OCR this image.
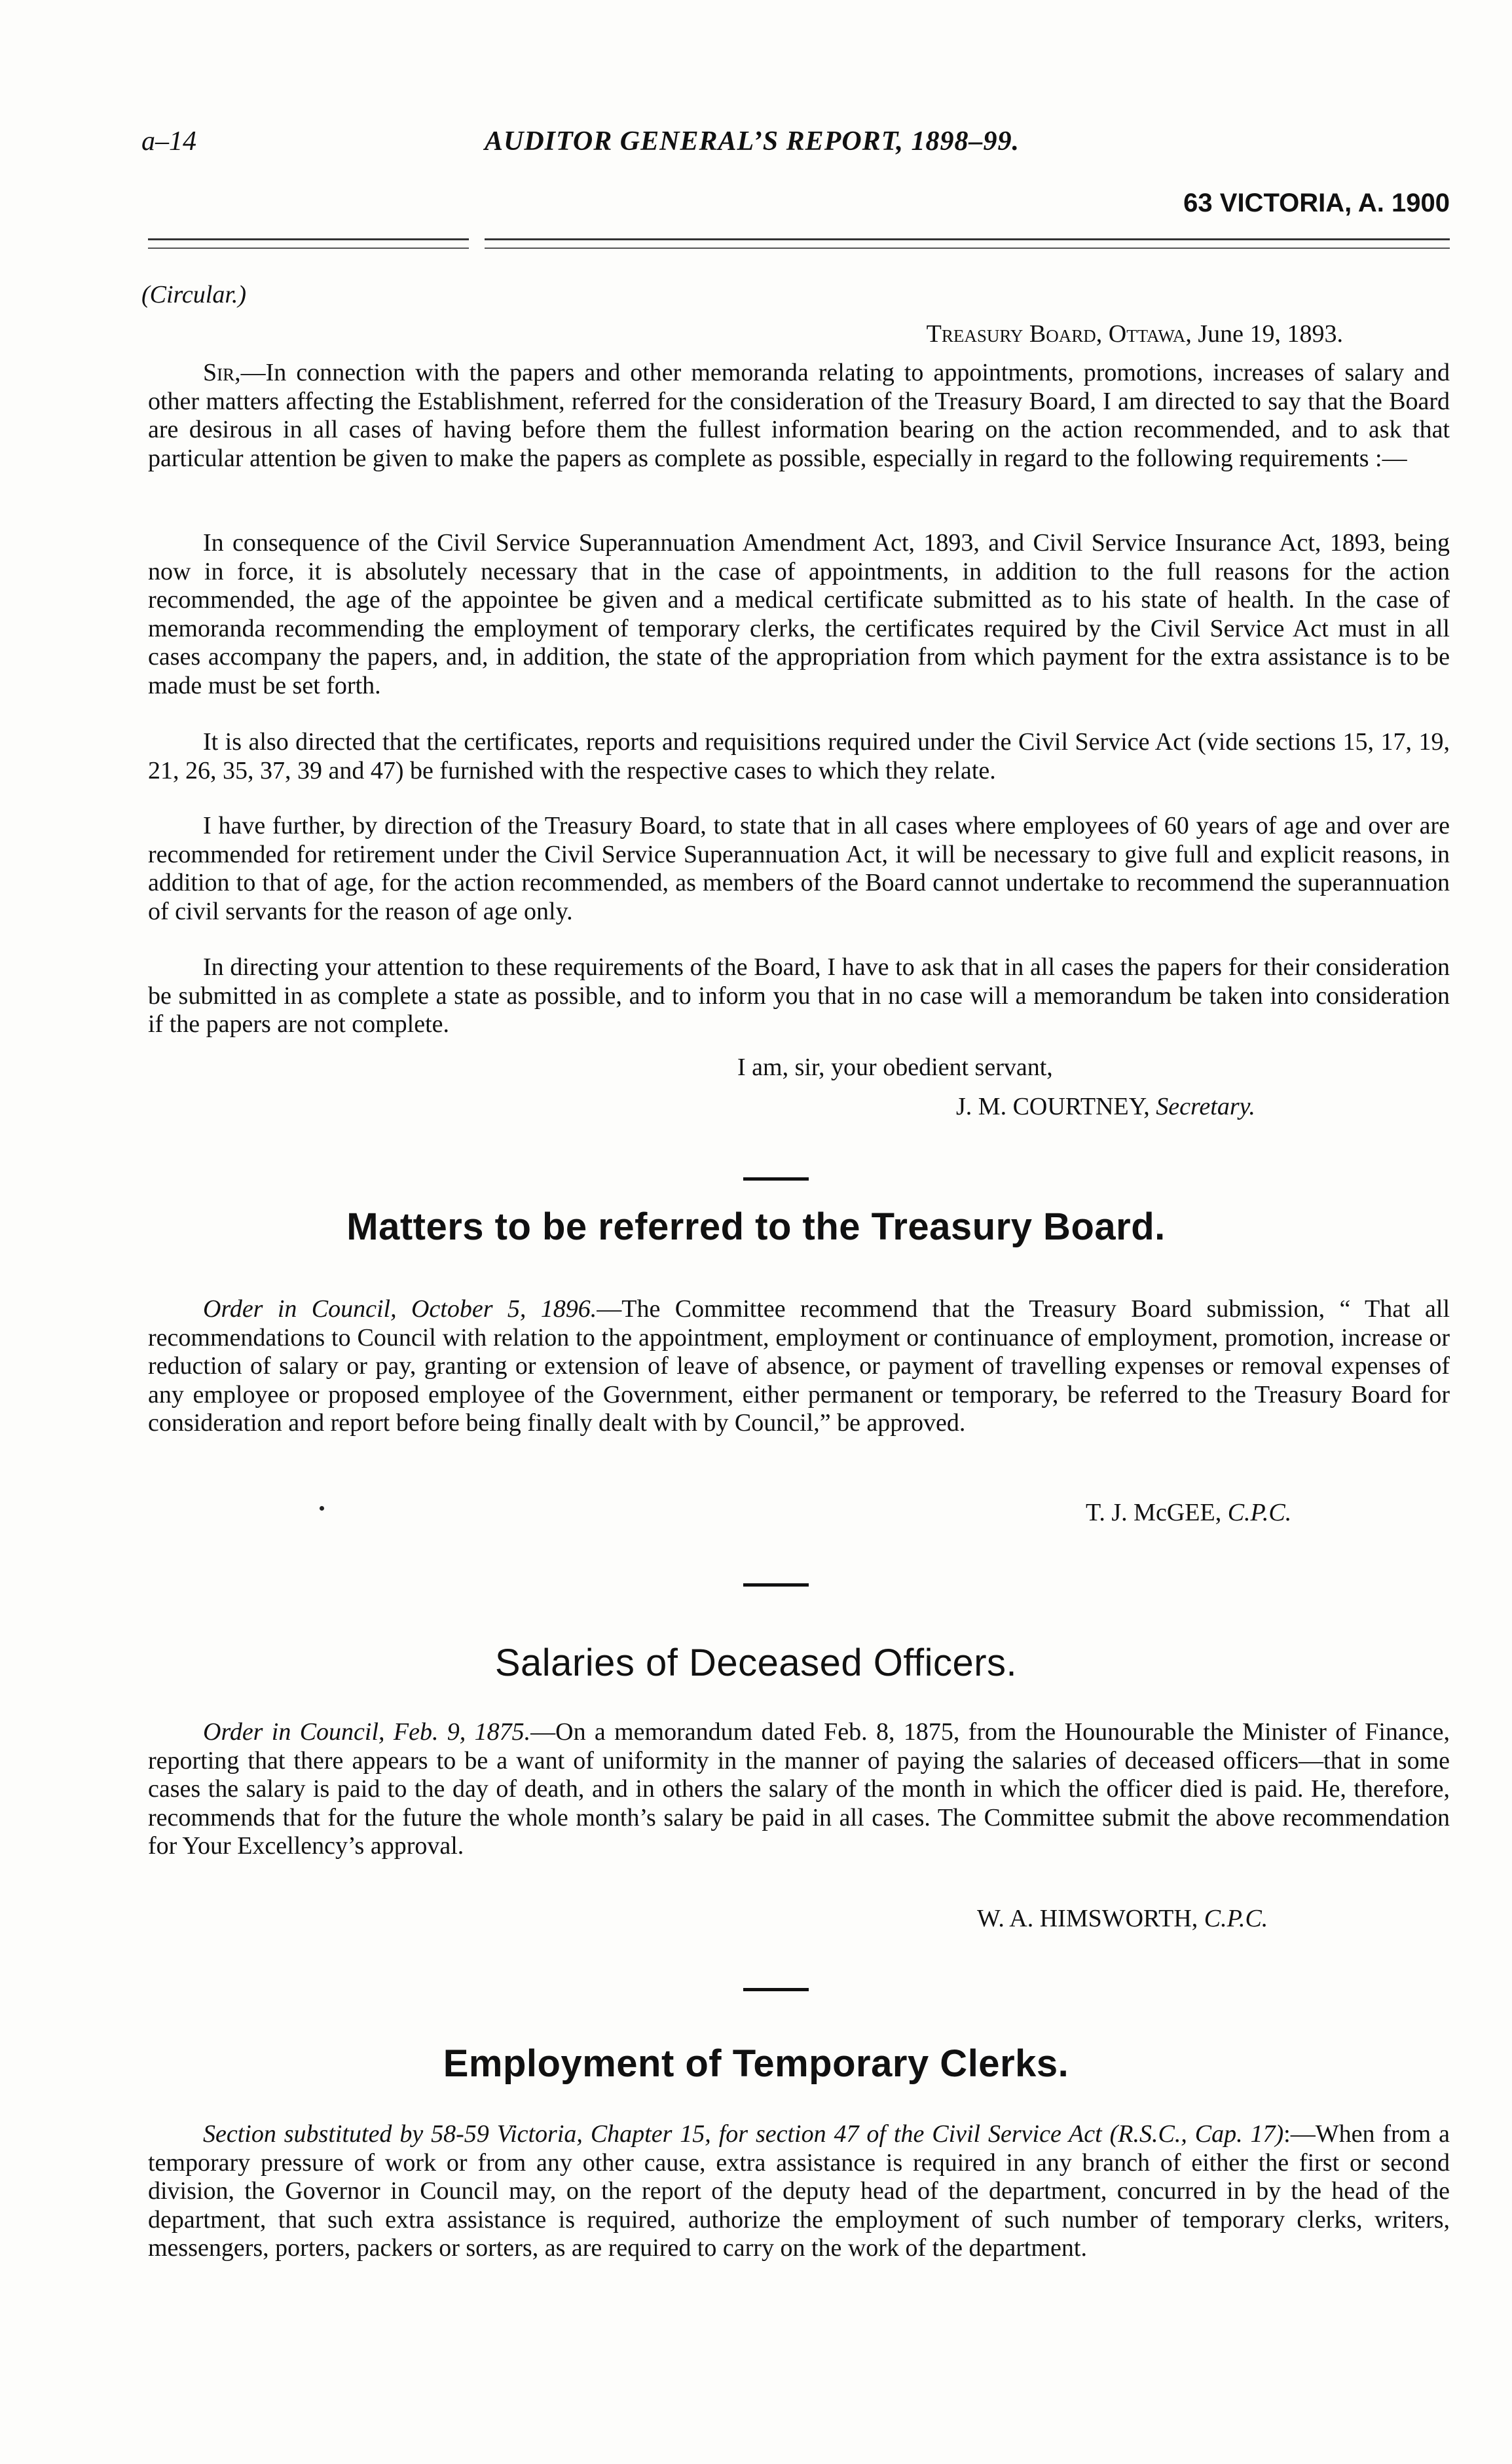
a–14	AUDITOR GENERAL’S REPORT, 1898–99.
63 VICTORIA, A. 1900
(Circular.)
Treasury Board, Ottawa, June 19, 1893.
Sir,—In connection with the papers and other memoranda relating to appointments, promotions, increases of salary and other matters affecting the Establishment, referred for the consideration of the Treasury Board, I am directed to say that the Board are desirous in all cases of having before them the fullest information bearing on the action recommended, and to ask that particular attention be given to make the papers as complete as possible, especially in regard to the following requirements :—
In consequence of the Civil Service Superannuation Amendment Act, 1893, and Civil Service Insurance Act, 1893, being now in force, it is absolutely necessary that in the case of appointments, in addition to the full reasons for the action recommended, the age of the appointee be given and a medical certificate submitted as to his state of health. In the case of memoranda recommending the employment of temporary clerks, the certificates required by the Civil Service Act must in all cases accompany the papers, and, in addition, the state of the appropriation from which payment for the extra assistance is to be made must be set forth.
It is also directed that the certificates, reports and requisitions required under the Civil Service Act (vide sections 15, 17, 19, 21, 26, 35, 37, 39 and 47) be furnished with the respective cases to which they relate.
I have further, by direction of the Treasury Board, to state that in all cases where employees of 60 years of age and over are recommended for retirement under the Civil Service Superannuation Act, it will be necessary to give full and explicit reasons, in addition to that of age, for the action recommended, as members of the Board cannot undertake to recommend the superannuation of civil servants for the reason of age only.
In directing your attention to these requirements of the Board, I have to ask that in all cases the papers for their consideration be submitted in as complete a state as possible, and to inform you that in no case will a memorandum be taken into consideration if the papers are not complete.
I am, sir, your obedient servant,
J. M. COURTNEY, Secretary.
Matters to be referred to the Treasury Board.
Order in Council, October 5, 1896.—The Committee recommend that the Treasury Board submission, “ That all recommendations to Council with relation to the appointment, employment or continuance of employment, promotion, increase or reduction of salary or pay, granting or extension of leave of absence, or payment of travelling expenses or removal expenses of any employee or proposed employee of the Government, either permanent or temporary, be referred to the Treasury Board for consideration and report before being finally dealt with by Council,” be approved.
T. J. McGEE, C.P.C.
Salaries of Deceased Officers.
Order in Council, Feb. 9, 1875.—On a memorandum dated Feb. 8, 1875, from the Hounourable the Minister of Finance, reporting that there appears to be a want of uniformity in the manner of paying the salaries of deceased officers—that in some cases the salary is paid to the day of death, and in others the salary of the month in which the officer died is paid. He, therefore, recommends that for the future the whole month’s salary be paid in all cases. The Committee submit the above recommendation for Your Excellency’s approval.
W. A. HIMSWORTH, C.P.C.
Employment of Temporary Clerks.
Section substituted by 58-59 Victoria, Chapter 15, for section 47 of the Civil Service Act (R.S.C., Cap. 17):—When from a temporary pressure of work or from any other cause, extra assistance is required in any branch of either the first or second division, the Governor in Council may, on the report of the deputy head of the department, concurred in by the head of the department, that such extra assistance is required, authorize the employment of such number of temporary clerks, writers, messengers, porters, packers or sorters, as are required to carry on the work of the department.
